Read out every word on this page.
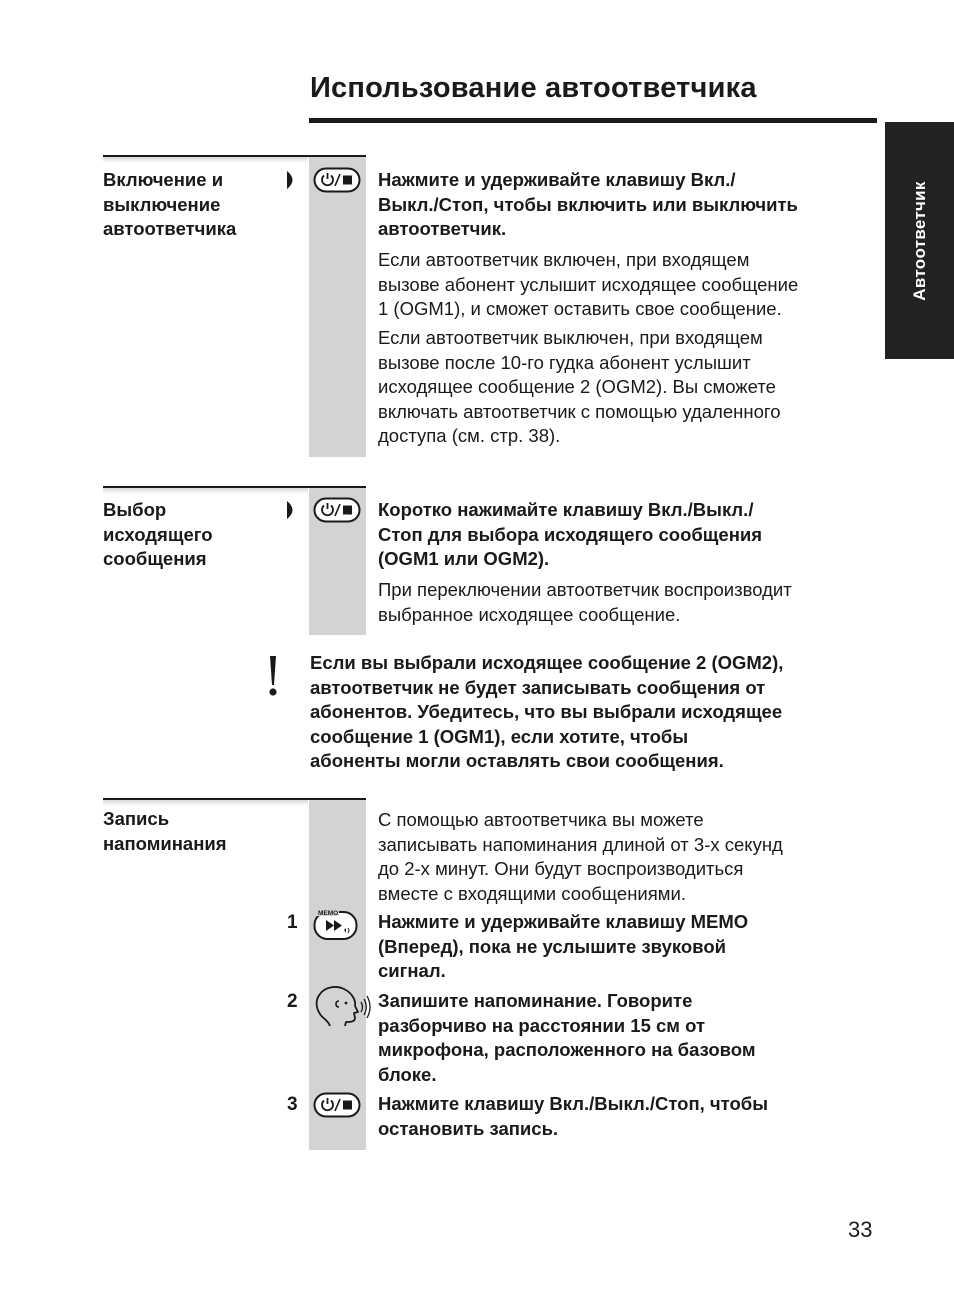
Использование автоответчика
Автоответчик
Включение и
выключение
автоответчика
Нажмите и удерживайте клавишу Вкл./
Выкл./Стоп, чтобы включить или выключить
автоответчик.
Если автоответчик включен, при входящем
вызове абонент услышит исходящее сообщение
1 (OGM1), и сможет оставить свое сообщение.
Если автоответчик выключен, при входящем
вызове после 10-го гудка абонент услышит
исходящее сообщение 2 (OGM2). Вы сможете
включать автоответчик с помощью удаленного
доступа (см. стр. 38).
Выбор
исходящего
сообщения
Коротко нажимайте клавишу Вкл./Выкл./
Стоп для выбора исходящего сообщения
(OGM1 или OGM2).
При переключении автоответчик воспроизводит
выбранное исходящее сообщение.
Если вы выбрали исходящее сообщение 2 (OGM2),
автоответчик не будет записывать сообщения от
абонентов. Убедитесь, что вы выбрали исходящее
сообщение 1 (OGM1), если хотите, чтобы
абоненты могли оставлять свои сообщения.
Запись
напоминания
С помощью автоответчика вы можете
записывать напоминания длиной от 3-х секунд
до 2-х минут. Они будут воспроизводиться
вместе с входящими сообщениями.
1	MEMO Нажмите и удерживайте клавишу MEMO
(Вперед), пока не услышите звуковой
сигнал.
2	Запишите напоминание. Говорите
разборчиво на расстоянии 15 см от
микрофона, расположенного на базовом
блоке.
3	Нажмите клавишу Вкл./Выкл./Стоп, чтобы
остановить запись.
33
